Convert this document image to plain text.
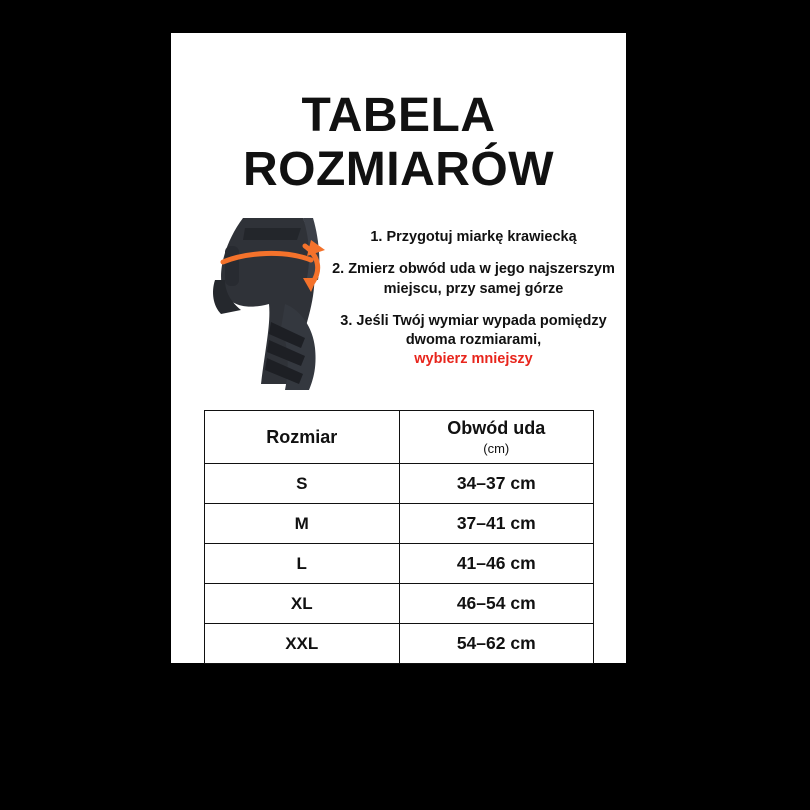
TABELA
ROZMIARÓW
1. Przygotuj miarkę krawiecką
2. Zmierz obwód uda w jego najszerszym miejscu, przy samej górze
3. Jeśli Twój wymiar wypada pomiędzy dwoma rozmiarami,
wybierz mniejszy
Rozmiar	Obwód uda
(cm)

S	34–37 cm
M	37–41 cm
L	41–46 cm
XL	46–54 cm
XXL	54–62 cm
